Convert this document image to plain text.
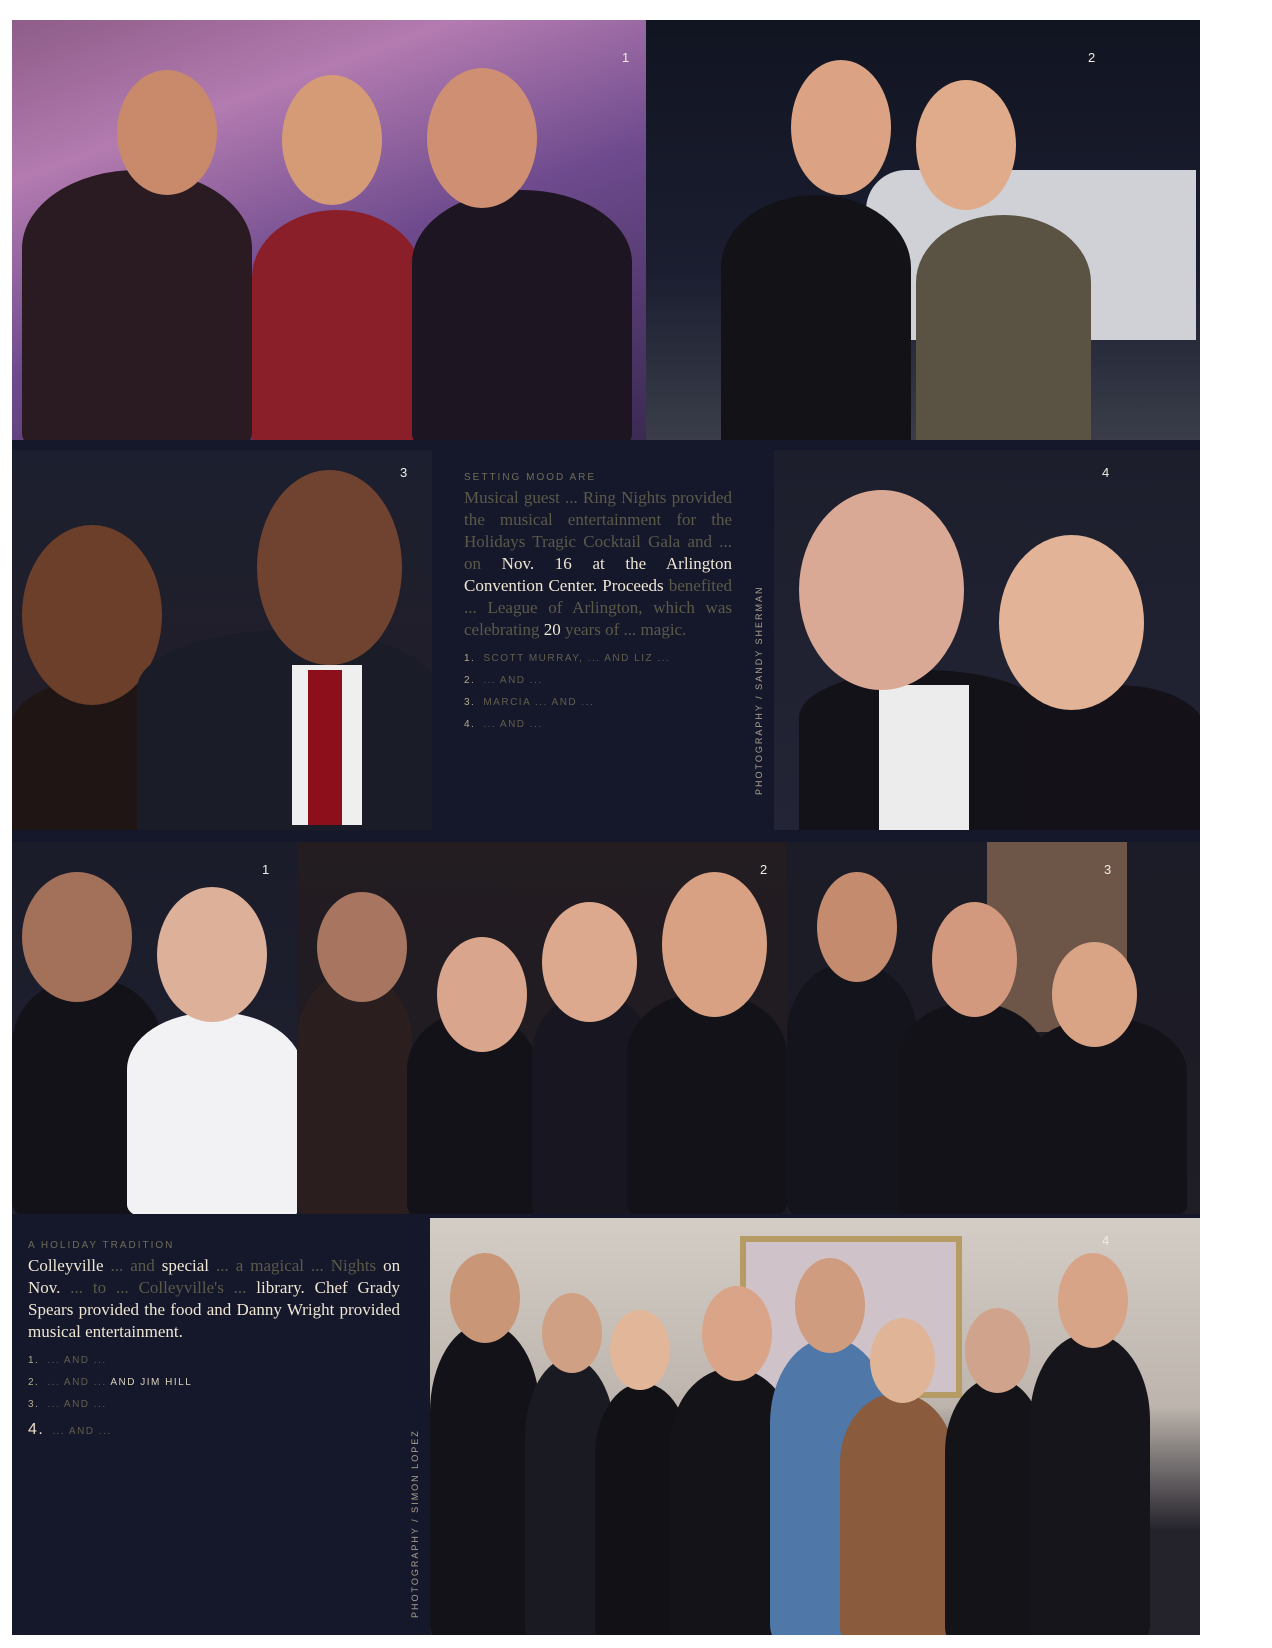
1	2
3	SETTING MOOD ARE
Musical guest ... Ring Nights provided the musical entertainment for the Holidays Tragic Cocktail Gala and ... on Nov. 16 at the Arlington Convention Center. Proceeds benefited ... League of Arlington, which was celebrating 20 years of ... magic.
1. SCOTT MURRAY, ... AND LIZ ...
2. ... AND ...
3. MARCIA ... AND ...
4. ... AND ...	PHOTOGRAPHY / SANDY SHERMAN
4
1	2	3
A HOLIDAY TRADITION
Colleyville ... and special ... a magical ... Nights on Nov. ... to ... Colleyville's ... library. Chef Grady Spears provided the food and Danny Wright provided musical entertainment.
1. ... AND ...
2. ... AND ... AND JIM HILL
3. ... AND ...
4. ... AND ...	PHOTOGRAPHY / SIMON LOPEZ
4
